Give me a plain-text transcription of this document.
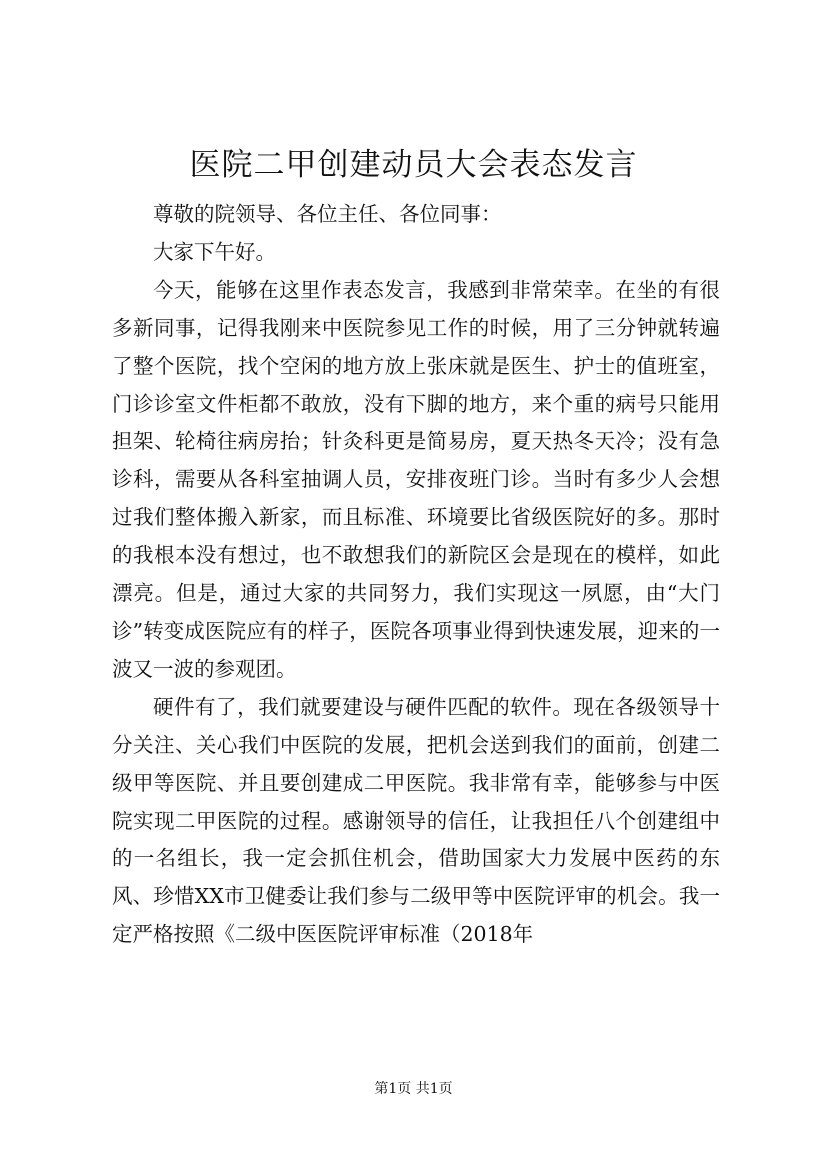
医院二甲创建动员大会表态发言

尊敬的院领导、各位主任、各位同事：

大家下午好。

今天，能够在这里作表态发言，我感到非常荣幸。在坐的有很多新同事，记得我刚来中医院参见工作的时候，用了三分钟就转遍了整个医院，找个空闲的地方放上张床就是医生、护士的值班室，门诊诊室文件柜都不敢放，没有下脚的地方，来个重的病号只能用担架、轮椅往病房抬；针灸科更是简易房，夏天热冬天冷；没有急诊科，需要从各科室抽调人员，安排夜班门诊。当时有多少人会想过我们整体搬入新家，而且标准、环境要比省级医院好的多。那时的我根本没有想过，也不敢想我们的新院区会是现在的模样，如此漂亮。但是，通过大家的共同努力，我们实现这一夙愿，由“大门诊”转变成医院应有的样子，医院各项事业得到快速发展，迎来的一波又一波的参观团。

硬件有了，我们就要建设与硬件匹配的软件。现在各级领导十分关注、关心我们中医院的发展，把机会送到我们的面前，创建二级甲等医院、并且要创建成二甲医院。我非常有幸，能够参与中医院实现二甲医院的过程。感谢领导的信任，让我担任八个创建组中的一名组长，我一定会抓住机会，借助国家大力发展中医药的东风、珍惜XX市卫健委让我们参与二级甲等中医院评审的机会。我一定严格按照《二级中医医院评审标准（2018年

第1页 共1页
